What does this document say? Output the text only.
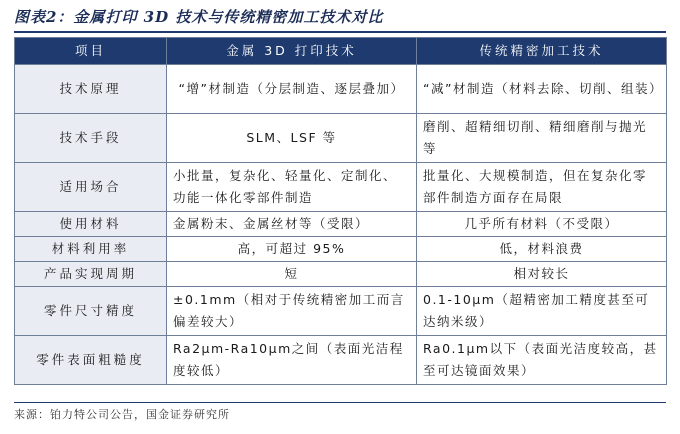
图表2：金属打印 3D 技术与传统精密加工技术对比
项目	金属 3D 打印技术	传统精密加工技术
技术原理	“增”材制造（分层制造、逐层叠加）	“减”材制造（材料去除、切削、组装）
技术手段	SLM、LSF 等	磨削、超精细切削、精细磨削与抛光等
适用场合	小批量，复杂化、轻量化、定制化、功能一体化零部件制造	批量化、大规模制造，但在复杂化零部件制造方面存在局限
使用材料	金属粉末、金属丝材等（受限）	几乎所有材料（不受限）
材料利用率	高，可超过 95%	低，材料浪费
产品实现周期	短	相对较长
零件尺寸精度	±0.1mm（相对于传统精密加工而言偏差较大）	0.1-10μm（超精密加工精度甚至可达纳米级）
零件表面粗糙度	Ra2μm-Ra10μm之间（表面光洁程度较低）	Ra0.1μm以下（表面光洁度较高，甚至可达镜面效果）
来源：铂力特公司公告，国金证券研究所
